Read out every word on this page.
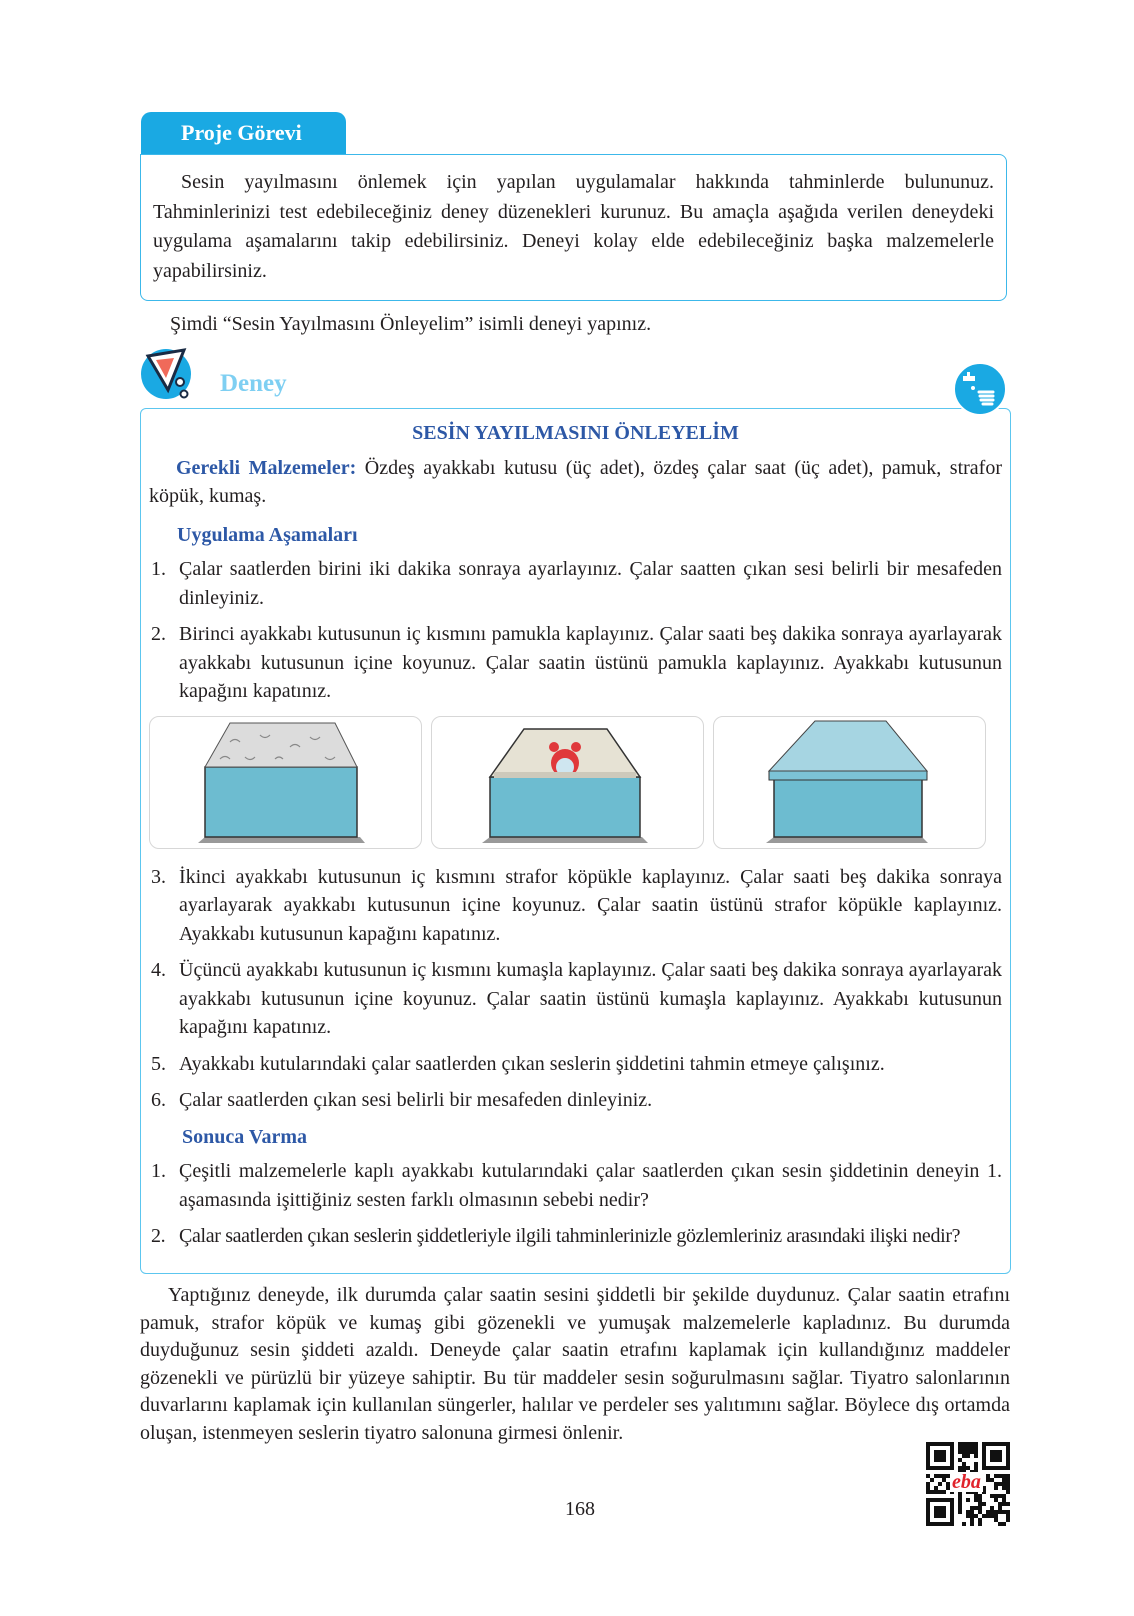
Proje Görevi

Sesin yayılmasını önlemek için yapılan uygulamalar hakkında tahminlerde bulununuz. Tahminlerinizi test edebileceğiniz deney düzenekleri kurunuz. Bu amaçla aşağıda verilen deneydeki uygulama aşamalarını takip edebilirsiniz. Deneyi kolay elde edebileceğiniz başka malzemelerle yapabilirsiniz.

Şimdi “Sesin Yayılmasını Önleyelim” isimli deneyi yapınız.

Deney
SESİN YAYILMASINI ÖNLEYELİM

Gerekli Malzemeler: Özdeş ayakkabı kutusu (üç adet), özdeş çalar saat (üç adet), pamuk, strafor köpük, kumaş.

Uygulama Aşamaları
1. Çalar saatlerden birini iki dakika sonraya ayarlayınız. Çalar saatten çıkan sesi belirli bir mesafeden dinleyiniz.
2. Birinci ayakkabı kutusunun iç kısmını pamukla kaplayınız. Çalar saati beş dakika sonraya ayarlayarak ayakkabı kutusunun içine koyunuz. Çalar saatin üstünü pamukla kaplayınız. Ayakkabı kutusunun kapağını kapatınız.
3. İkinci ayakkabı kutusunun iç kısmını strafor köpükle kaplayınız. Çalar saati beş dakika sonraya ayarlayarak ayakkabı kutusunun içine koyunuz. Çalar saatin üstünü strafor köpükle kaplayınız. Ayakkabı kutusunun kapağını kapatınız.
4. Üçüncü ayakkabı kutusunun iç kısmını kumaşla kaplayınız. Çalar saati beş dakika sonraya ayarlayarak ayakkabı kutusunun içine koyunuz. Çalar saatin üstünü kumaşla kaplayınız. Ayakkabı kutusunun kapağını kapatınız.
5. Ayakkabı kutularındaki çalar saatlerden çıkan seslerin şiddetini tahmin etmeye çalışınız.
6. Çalar saatlerden çıkan sesi belirli bir mesafeden dinleyiniz.
Sonuca Varma
1. Çeşitli malzemelerle kaplı ayakkabı kutularındaki çalar saatlerden çıkan sesin şiddetinin deneyin 1. aşamasında işittiğiniz sesten farklı olmasının sebebi nedir?
2. Çalar saatlerden çıkan seslerin şiddetleriyle ilgili tahminlerinizle gözlemleriniz arasındaki ilişki nedir?

Yaptığınız deneyde, ilk durumda çalar saatin sesini şiddetli bir şekilde duydunuz. Çalar saatin etrafını pamuk, strafor köpük ve kumaş gibi gözenekli ve yumuşak malzemelerle kapladınız. Bu durumda duyduğunuz sesin şiddeti azaldı. Deneyde çalar saatin etrafını kaplamak için kullandığınız maddeler gözenekli ve pürüzlü bir yüzeye sahiptir. Bu tür maddeler sesin soğurulmasını sağlar. Tiyatro salonlarının duvarlarını kaplamak için kullanılan süngerler, halılar ve perdeler ses yalıtımını sağlar. Böylece dış ortamda oluşan, istenmeyen seslerin tiyatro salonuna girmesi önlenir.

eba
168
